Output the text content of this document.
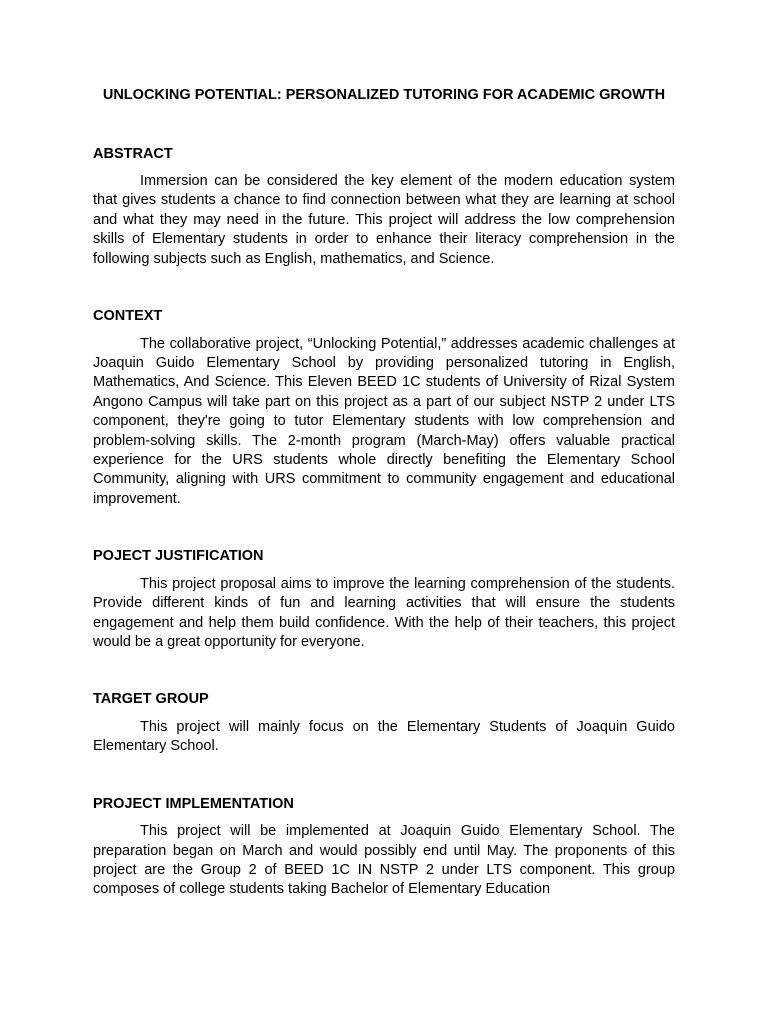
UNLOCKING POTENTIAL: PERSONALIZED TUTORING FOR ACADEMIC GROWTH
ABSTRACT

Immersion can be considered the key element of the modern education system that gives students a chance to find connection between what they are learning at school and what they may need in the future. This project will address the low comprehension skills of Elementary students in order to enhance their literacy comprehension in the following subjects such as English, mathematics, and Science.

CONTEXT

The collaborative project, “Unlocking Potential,” addresses academic challenges at Joaquin Guido Elementary School by providing personalized tutoring in English, Mathematics, And Science. This Eleven BEED 1C students of University of Rizal System Angono Campus will take part on this project as a part of our subject NSTP 2 under LTS component, they're going to tutor Elementary students with low comprehension and problem-solving skills. The 2-month program (March-May) offers valuable practical experience for the URS students whole directly benefiting the Elementary School Community, aligning with URS commitment to community engagement and educational improvement.

POJECT JUSTIFICATION

This project proposal aims to improve the learning comprehension of the students. Provide different kinds of fun and learning activities that will ensure the students engagement and help them build confidence. With the help of their teachers, this project would be a great opportunity for everyone.

TARGET GROUP

This project will mainly focus on the Elementary Students of Joaquin Guido Elementary School.

PROJECT IMPLEMENTATION

This project will be implemented at Joaquin Guido Elementary School. The preparation began on March and would possibly end until May. The proponents of this project are the Group 2 of BEED 1C IN NSTP 2 under LTS component. This group composes of college students taking Bachelor of Elementary Education
